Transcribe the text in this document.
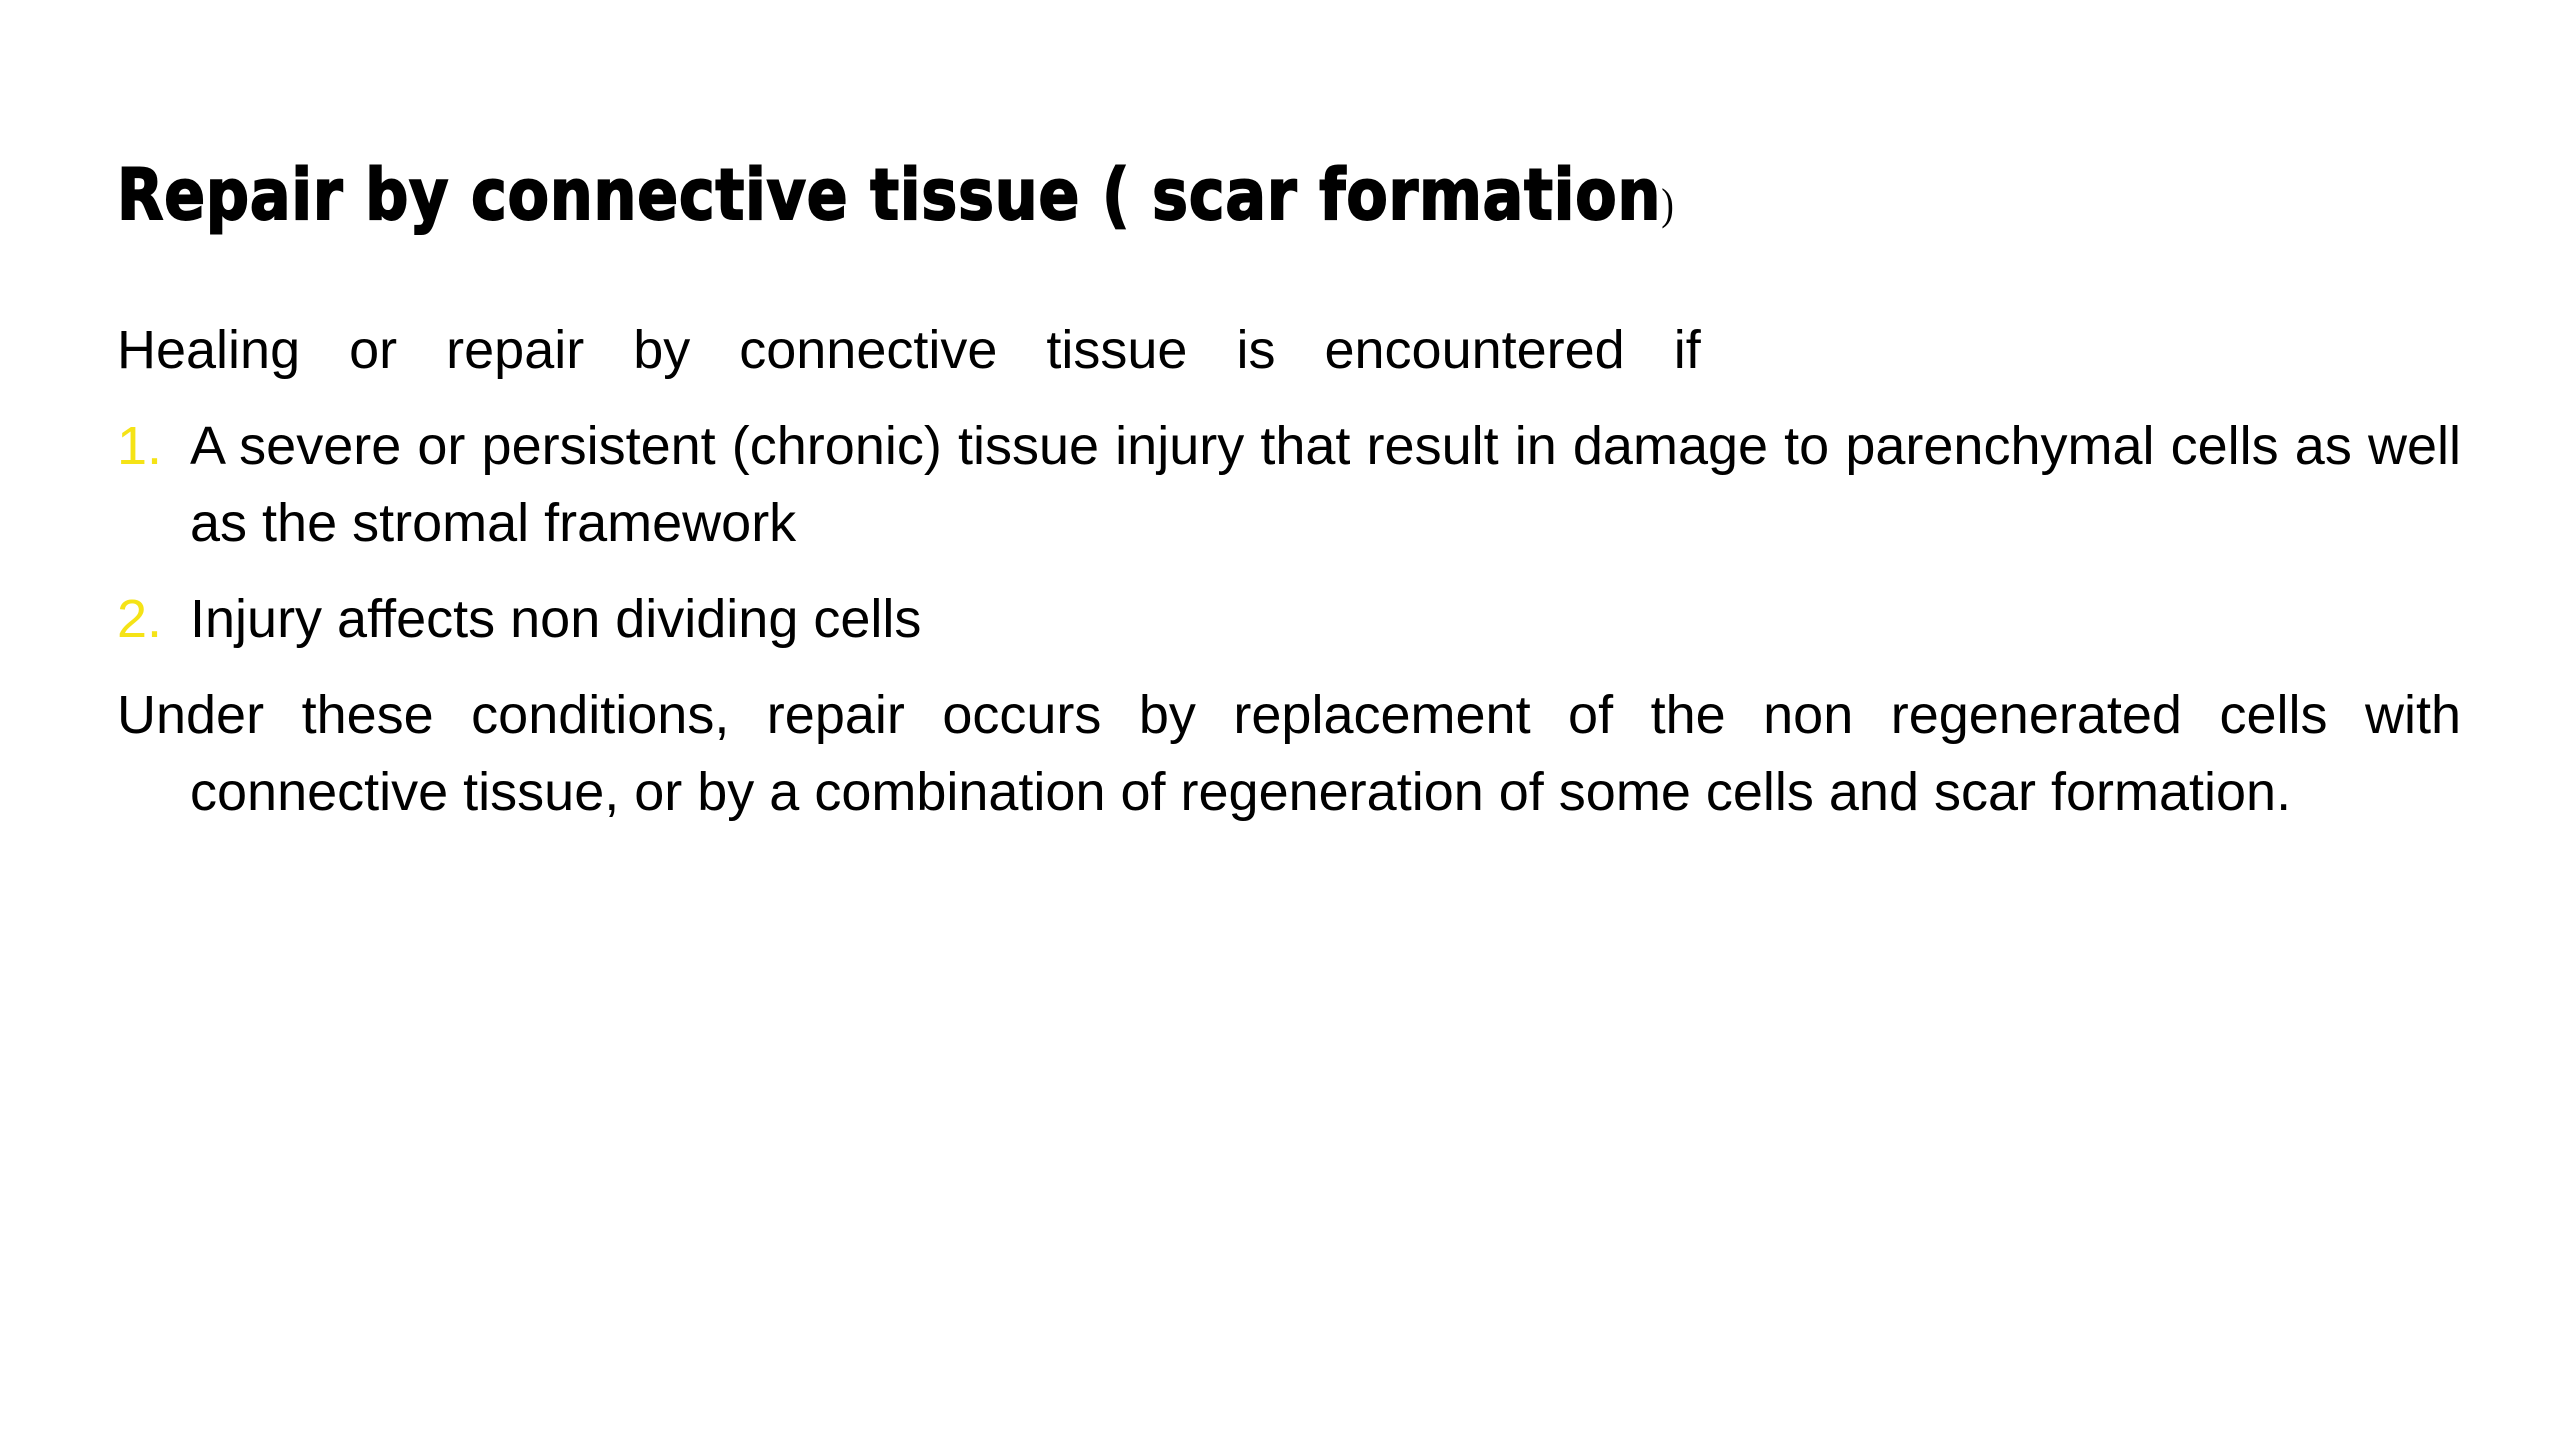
Repair by connective tissue ( scar formation)

Healing or repair by connective tissue is encountered if

1. A severe or persistent (chronic) tissue injury that result in damage to parenchymal cells as well as the stromal framework
2. Injury affects non dividing cells

Under these conditions, repair occurs by replacement of the non regenerated cells with connective tissue, or by a combination of regeneration of some cells and scar formation.
